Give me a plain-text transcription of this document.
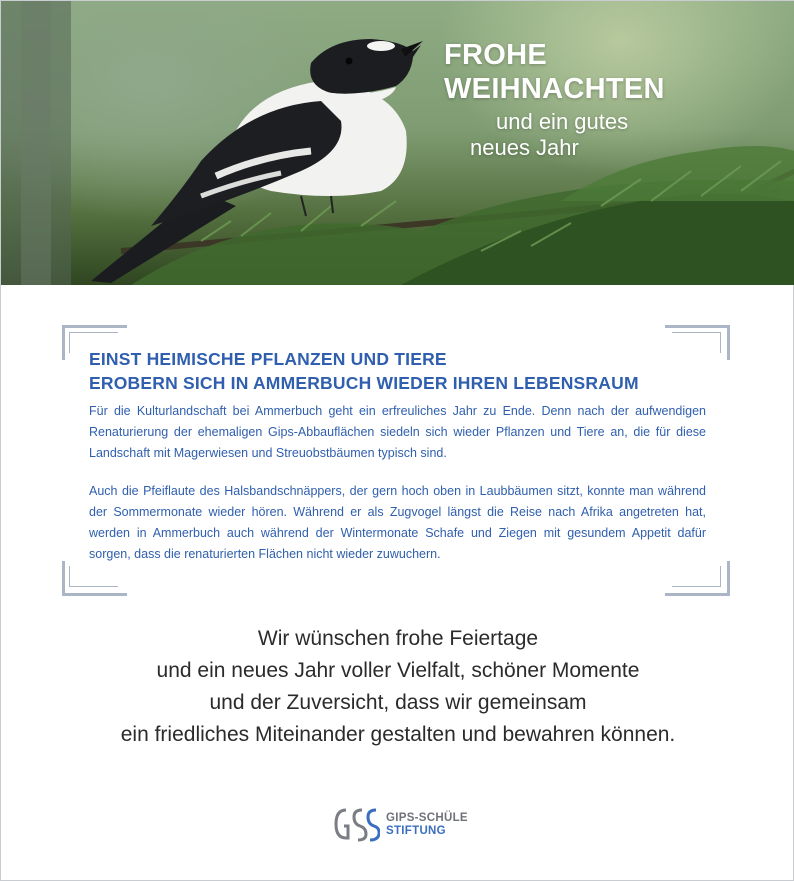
FROHE
WEIHNACHTEN
und ein gutes
neues Jahr
EINST HEIMISCHE PFLANZEN UND TIERE
EROBERN SICH IN AMMERBUCH WIEDER IHREN LEBENSRAUM

Für die Kulturlandschaft bei Ammerbuch geht ein erfreuliches Jahr zu Ende. Denn nach der aufwendigen Renaturierung der ehemaligen Gips-Abbauflächen siedeln sich wieder Pflanzen und Tiere an, die für diese Landschaft mit Magerwiesen und Streuobstbäumen typisch sind.

Auch die Pfeiflaute des Halsbandschnäppers, der gern hoch oben in Laubbäumen sitzt, konnte man während der Sommermonate wieder hören. Während er als Zugvogel längst die Reise nach Afrika angetreten hat, werden in Ammerbuch auch während der Wintermonate Schafe und Ziegen mit gesundem Appetit dafür sorgen, dass die renaturierten Flächen nicht wieder zuwuchern.

Wir wünschen frohe Feiertage
und ein neues Jahr voller Vielfalt, schöner Momente
und der Zuversicht, dass wir gemeinsam
ein friedliches Miteinander gestalten und bewahren können.
GIPS-SCHÜLE
STIFTUNG
